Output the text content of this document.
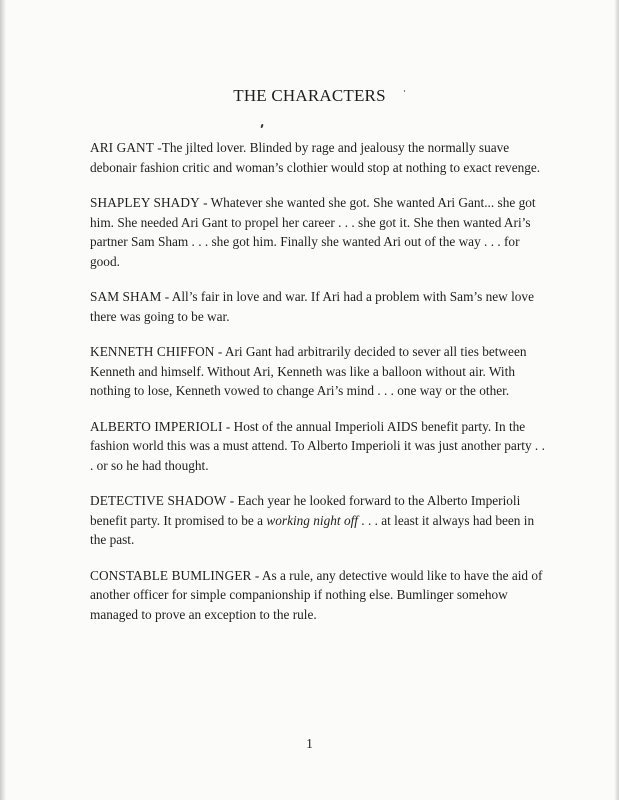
THE CHARACTERS

ARI GANT -The jilted lover. Blinded by rage and jealousy the normally suave debonair fashion critic and woman’s clothier would stop at nothing to exact revenge.

SHAPLEY SHADY - Whatever she wanted she got. She wanted Ari Gant... she got him. She needed Ari Gant to propel her career . . . she got it. She then wanted Ari’s partner Sam Sham . . . she got him. Finally she wanted Ari out of the way . . . for good.

SAM SHAM - All’s fair in love and war. If Ari had a problem with Sam’s new love there was going to be war.

KENNETH CHIFFON - Ari Gant had arbitrarily decided to sever all ties between Kenneth and himself. Without Ari, Kenneth was like a balloon without air. With nothing to lose, Kenneth vowed to change Ari’s mind . . . one way or the other.

ALBERTO IMPERIOLI - Host of the annual Imperioli AIDS benefit party. In the fashion world this was a must attend. To Alberto Imperioli it was just another party . . . or so he had thought.

DETECTIVE SHADOW - Each year he looked forward to the Alberto Imperioli benefit party. It promised to be a working night off . . . at least it always had been in the past.

CONSTABLE BUMLINGER - As a rule, any detective would like to have the aid of another officer for simple companionship if nothing else. Bumlinger somehow managed to prove an exception to the rule.

1
